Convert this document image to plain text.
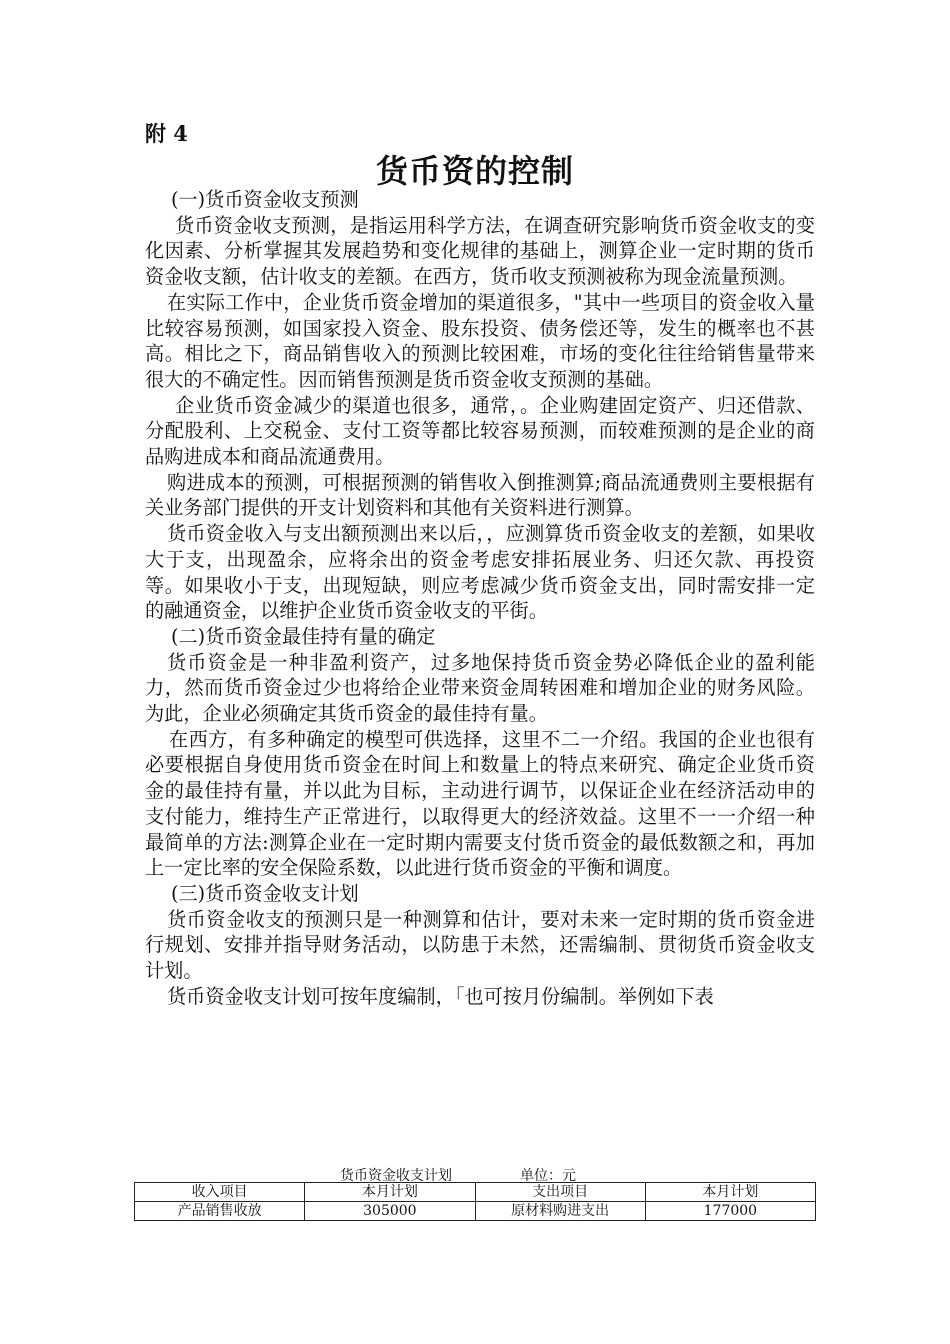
附 4
货币资的控制

(一)货币资金收支预测

货币资金收支预测，是指运用科学方法，在调查研究影响货币资金收支的变化因素、分析掌握其发展趋势和变化规律的基础上，测算企业一定时期的货币资金收支额，估计收支的差额。在西方，货币收支预测被称为现金流量预测。

在实际工作中，企业货币资金增加的渠道很多，"其中一些项目的资金收入量比较容易预测，如国家投入资金、股东投资、债务偿还等，发生的概率也不甚高。相比之下，商品销售收入的预测比较困难，市场的变化往往给销售量带来很大的不确定性。因而销售预测是货币资金收支预测的基础。

企业货币资金减少的渠道也很多，通常，。企业购建固定资产、归还借款、分配股利、上交税金、支付工资等都比较容易预测，而较难预测的是企业的商品购进成本和商品流通费用。

购进成本的预测，可根据预测的销售收入倒推测算;商品流通费则主要根据有关业务部门提供的开支计划资料和其他有关资料进行测算。

货币资金收入与支出额预测出来以后，，应测算货币资金收支的差额，如果收大于支，出现盈余，应将余出的资金考虑安排拓展业务、归还欠款、再投资等。如果收小于支，出现短缺，则应考虑减少货币资金支出，同时需安排一定的融通资金，以维护企业货币资金收支的平街。

(二)货币资金最佳持有量的确定

货币资金是一种非盈利资产，过多地保持货币资金势必降低企业的盈利能力，然而货币资金过少也将给企业带来资金周转困难和增加企业的财务风险。为此，企业必须确定其货币资金的最佳持有量。

在西方，有多种确定的模型可供选择，这里不二一介绍。我国的企业也很有必要根据自身使用货币资金在时间上和数量上的特点来研究、确定企业货币资金的最佳持有量，并以此为目标，主动进行调节，以保证企业在经济活动申的支付能力，维持生产正常进行，以取得更大的经济效益。这里不一一介绍一种最简单的方法:测算企业在一定时期内需要支付货币资金的最低数额之和，再加上一定比率的安全保险系数，以此进行货币资金的平衡和调度。

(三)货币资金收支计划

货币资金收支的预测只是一种测算和估计，要对未来一定时期的货币资金进行规划、安排并指导财务活动，以防患于未然，还需编制、贯彻货币资金收支计划。

货币资金收支计划可按年度编制，「也可按月份编制。举例如下表

货币资金收支计划	单位：元
收入项目	本月计划	支出项目	本月计划
产品销售收放	305000	原材料购进支出	177000
